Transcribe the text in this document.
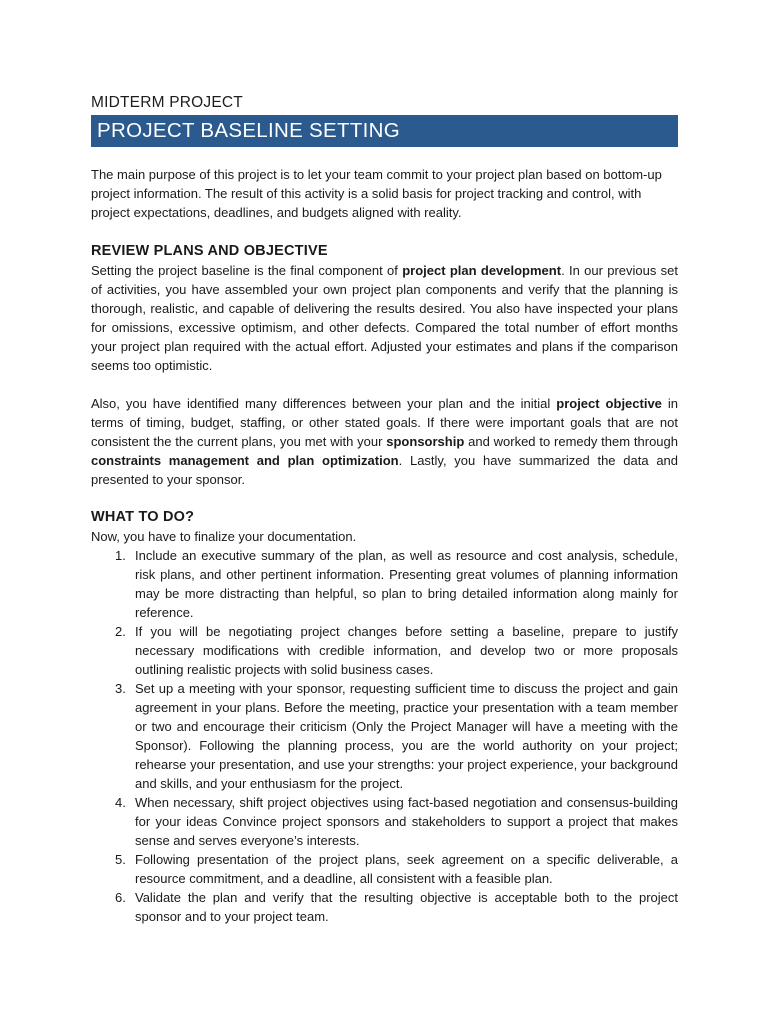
MIDTERM PROJECT

PROJECT BASELINE SETTING

The main purpose of this project is to let your team commit to your project plan based on bottom-up project information. The result of this activity is a solid basis for project tracking and control, with project expectations, deadlines, and budgets aligned with reality.

REVIEW PLANS AND OBJECTIVE

Setting the project baseline is the final component of project plan development. In our previous set of activities, you have assembled your own project plan components and verify that the planning is thorough, realistic, and capable of delivering the results desired. You also have inspected your plans for omissions, excessive optimism, and other defects. Compared the total number of effort months your project plan required with the actual effort. Adjusted your estimates and plans if the comparison seems too optimistic.

Also, you have identified many differences between your plan and the initial project objective in terms of timing, budget, staffing, or other stated goals. If there were important goals that are not consistent the the current plans, you met with your sponsorship and worked to remedy them through constraints management and plan optimization. Lastly, you have summarized the data and presented to your sponsor.

WHAT TO DO?

Now, you have to finalize your documentation.

1. Include an executive summary of the plan, as well as resource and cost analysis, schedule, risk plans, and other pertinent information. Presenting great volumes of planning information may be more distracting than helpful, so plan to bring detailed information along mainly for reference.
2. If you will be negotiating project changes before setting a baseline, prepare to justify necessary modifications with credible information, and develop two or more proposals outlining realistic projects with solid business cases.
3. Set up a meeting with your sponsor, requesting sufficient time to discuss the project and gain agreement in your plans. Before the meeting, practice your presentation with a team member or two and encourage their criticism (Only the Project Manager will have a meeting with the Sponsor). Following the planning process, you are the world authority on your project; rehearse your presentation, and use your strengths: your project experience, your background and skills, and your enthusiasm for the project.
4. When necessary, shift project objectives using fact-based negotiation and consensus-building for your ideas Convince project sponsors and stakeholders to support a project that makes sense and serves everyone’s interests.
5. Following presentation of the project plans, seek agreement on a specific deliverable, a resource commitment, and a deadline, all consistent with a feasible plan.
6. Validate the plan and verify that the resulting objective is acceptable both to the project sponsor and to your project team.
